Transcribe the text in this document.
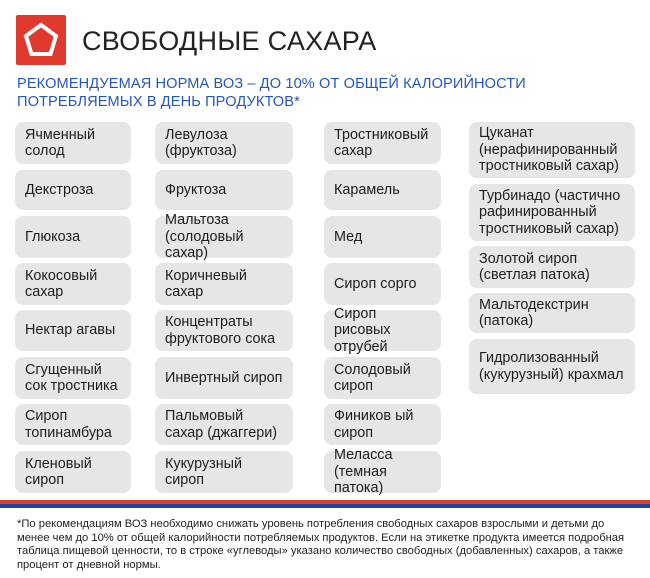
СВОБОДНЫЕ САХАРА
РЕКОМЕНДУЕМАЯ НОРМА ВОЗ – ДО 10% ОТ ОБЩЕЙ КАЛОРИЙНОСТИ ПОТРЕБЛЯЕМЫХ В ДЕНЬ ПРОДУКТОВ*
Ячменный солод
Декстроза
Глюкоза
Кокосовый сахар
Нектар агавы
Сгущенный сок тростника
Сироп топинамбура
Кленовый сироп
Левулоза (фруктоза)
Фруктоза
Мальтоза (солодовый сахар)
Коричневый сахар
Концентраты фруктового сока
Инвертный сироп
Пальмовый сахар (джаггери)
Кукурузный сироп
Тростниковый сахар
Карамель
Мед
Сироп сорго
Сироп рисовых отрубей
Солодовый сироп
Фиников ый сироп
Меласса (темная патока)
Цуканат (нерафинированный тростниковый сахар)
Турбинадо (частично рафинированный тростниковый сахар)
Золотой сироп (светлая патока)
Мальтодекстрин (патока)
Гидролизованный (кукурузный) крахмал
*По рекомендациям ВОЗ необходимо снижать уровень потребления свободных сахаров взрослыми и детьми до менее чем до 10% от общей калорийности потребляемых продуктов. Если на этикетке продукта имеется подробная таблица пищевой ценности, то в строке «углеводы» указано количество свободных (добавленных) сахаров, а также процент от дневной нормы.
